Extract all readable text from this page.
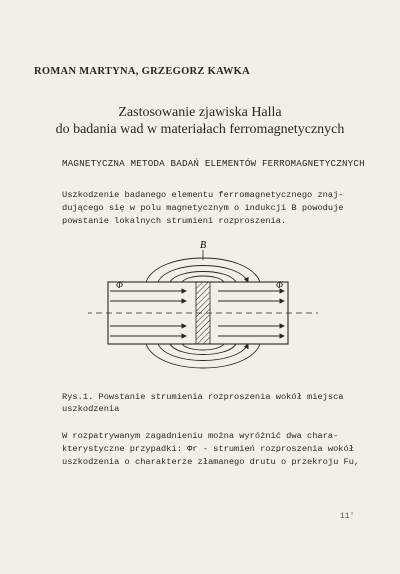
ROMAN MARTYNA, GRZEGORZ KAWKA
Zastosowanie zjawiska Halla
do badania wad w materiałach ferromagnetycznych
MAGNETYCZNA METODA BADAŃ ELEMENTÓW FERROMAGNETYCZNYCH
Uszkodzenie badanego elementu ferromagnetycznego znaj-
dującego się w polu magnetycznym o indukcji B powoduje
powstanie lokalnych strumieni rozproszenia.
B
Φ	Φ
Rys.1. Powstanie strumienia rozproszenia wokół miejsca
uszkodzenia
W rozpatrywanym zagadnieniu można wyróżnić dwa chara-
kterystyczne przypadki: Φr - strumień rozproszenia wokół
uszkodzenia o charakterze złamanego drutu o przekroju Fu,
11'
